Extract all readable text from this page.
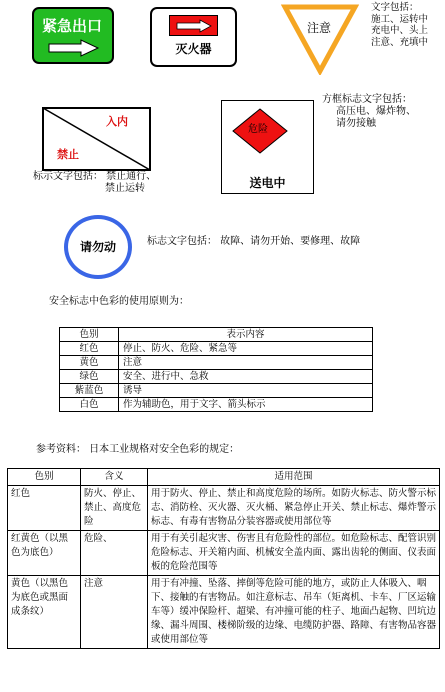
紧急出口
灭火器
注意
文字包括：
施工、运转中
充电中、头上
注意、充填中
入内
禁止
标示文字包括： 禁止通行、
禁止运转
危险
送电中
方框标志文字包括：
高压电、爆炸物、
请勿接触
请勿动	标志文字包括： 故障、请勿开始、要修理、故障
安全标志中色彩的使用原则为：
色别	表示内容
红色	停止、防火、危险、紧急等
黄色	注意
绿色	安全、进行中、急救
紫蓝色	诱导
白色	作为辅助色，用于文字、箭头标示
参考资料： 日本工业规格对安全色彩的规定：
色别	含义	适用范围
红色	防火、停止、禁止、高度危险	用于防火、停止、禁止和高度危险的场所。如防火标志、防火警示标志、消防栓、灭火器、灭火桶、紧急停止开关、禁止标志、爆炸警示标志、有毒有害物品分装容器或使用部位等
红黄色（以黑色为底色）	危险、	用于有关引起灾害、伤害且有危险性的部位。如危险标志、配管识别危险标志、开关箱内面、机械安全盖内面、露出齿轮的侧面、仪表面板的危险范围等
黄色（以黑色为底色或黑面成条纹）	注意	用于有冲撞、坠落、摔倒等危险可能的地方，或防止人体吸入、咽下、接触的有害物品。如注意标志、吊车（矩离机、卡车、厂区运输车等）缓冲保险杆、超梁、有冲撞可能的柱子、地面凸起物、凹坑边缘、漏斗周围、楼梯阶级的边缘、电缆防护器、路障、有害物品容器或使用部位等
